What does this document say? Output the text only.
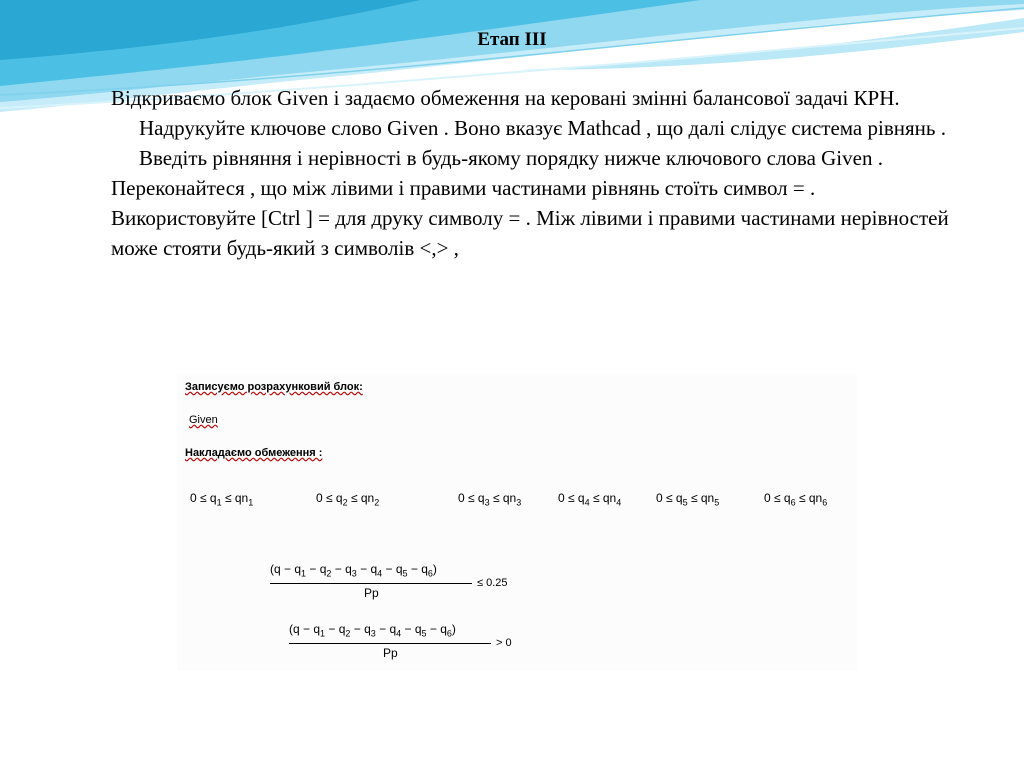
Етап III

Відкриваємо блок Given і задаємо обмеження на керовані змінні балансової задачі КРН.

Надрукуйте ключове слово Given . Воно вказує Mathcad , що далі слідує система рівнянь .

Введіть рівняння і нерівності в будь-якому порядку нижче ключового слова Given . Переконайтеся , що між лівими і правими частинами рівнянь стоїть символ = . Використовуйте [Ctrl ] = для друку символу = . Між лівими і правими частинами нерівностей може стояти будь-який з символів <,> ,

Записуємо розрахунковий блок:
Given
Накладаємо обмеження :
$0 \le q_1 \le qn_1$	$0 \le q_2 \le qn_2$	$0 \le q_3 \le qn_3$	$0 \le q_4 \le qn_4$	$0 \le q_5 \le qn_5$	$0 \le q_6 \le qn_6$
$(q - q_1 - q_2 - q_3 - q_4 - q_5 - q_6)$
Pp
≤ 0.25
$(q - q_1 - q_2 - q_3 - q_4 - q_5 - q_6)$
Pp
> 0
